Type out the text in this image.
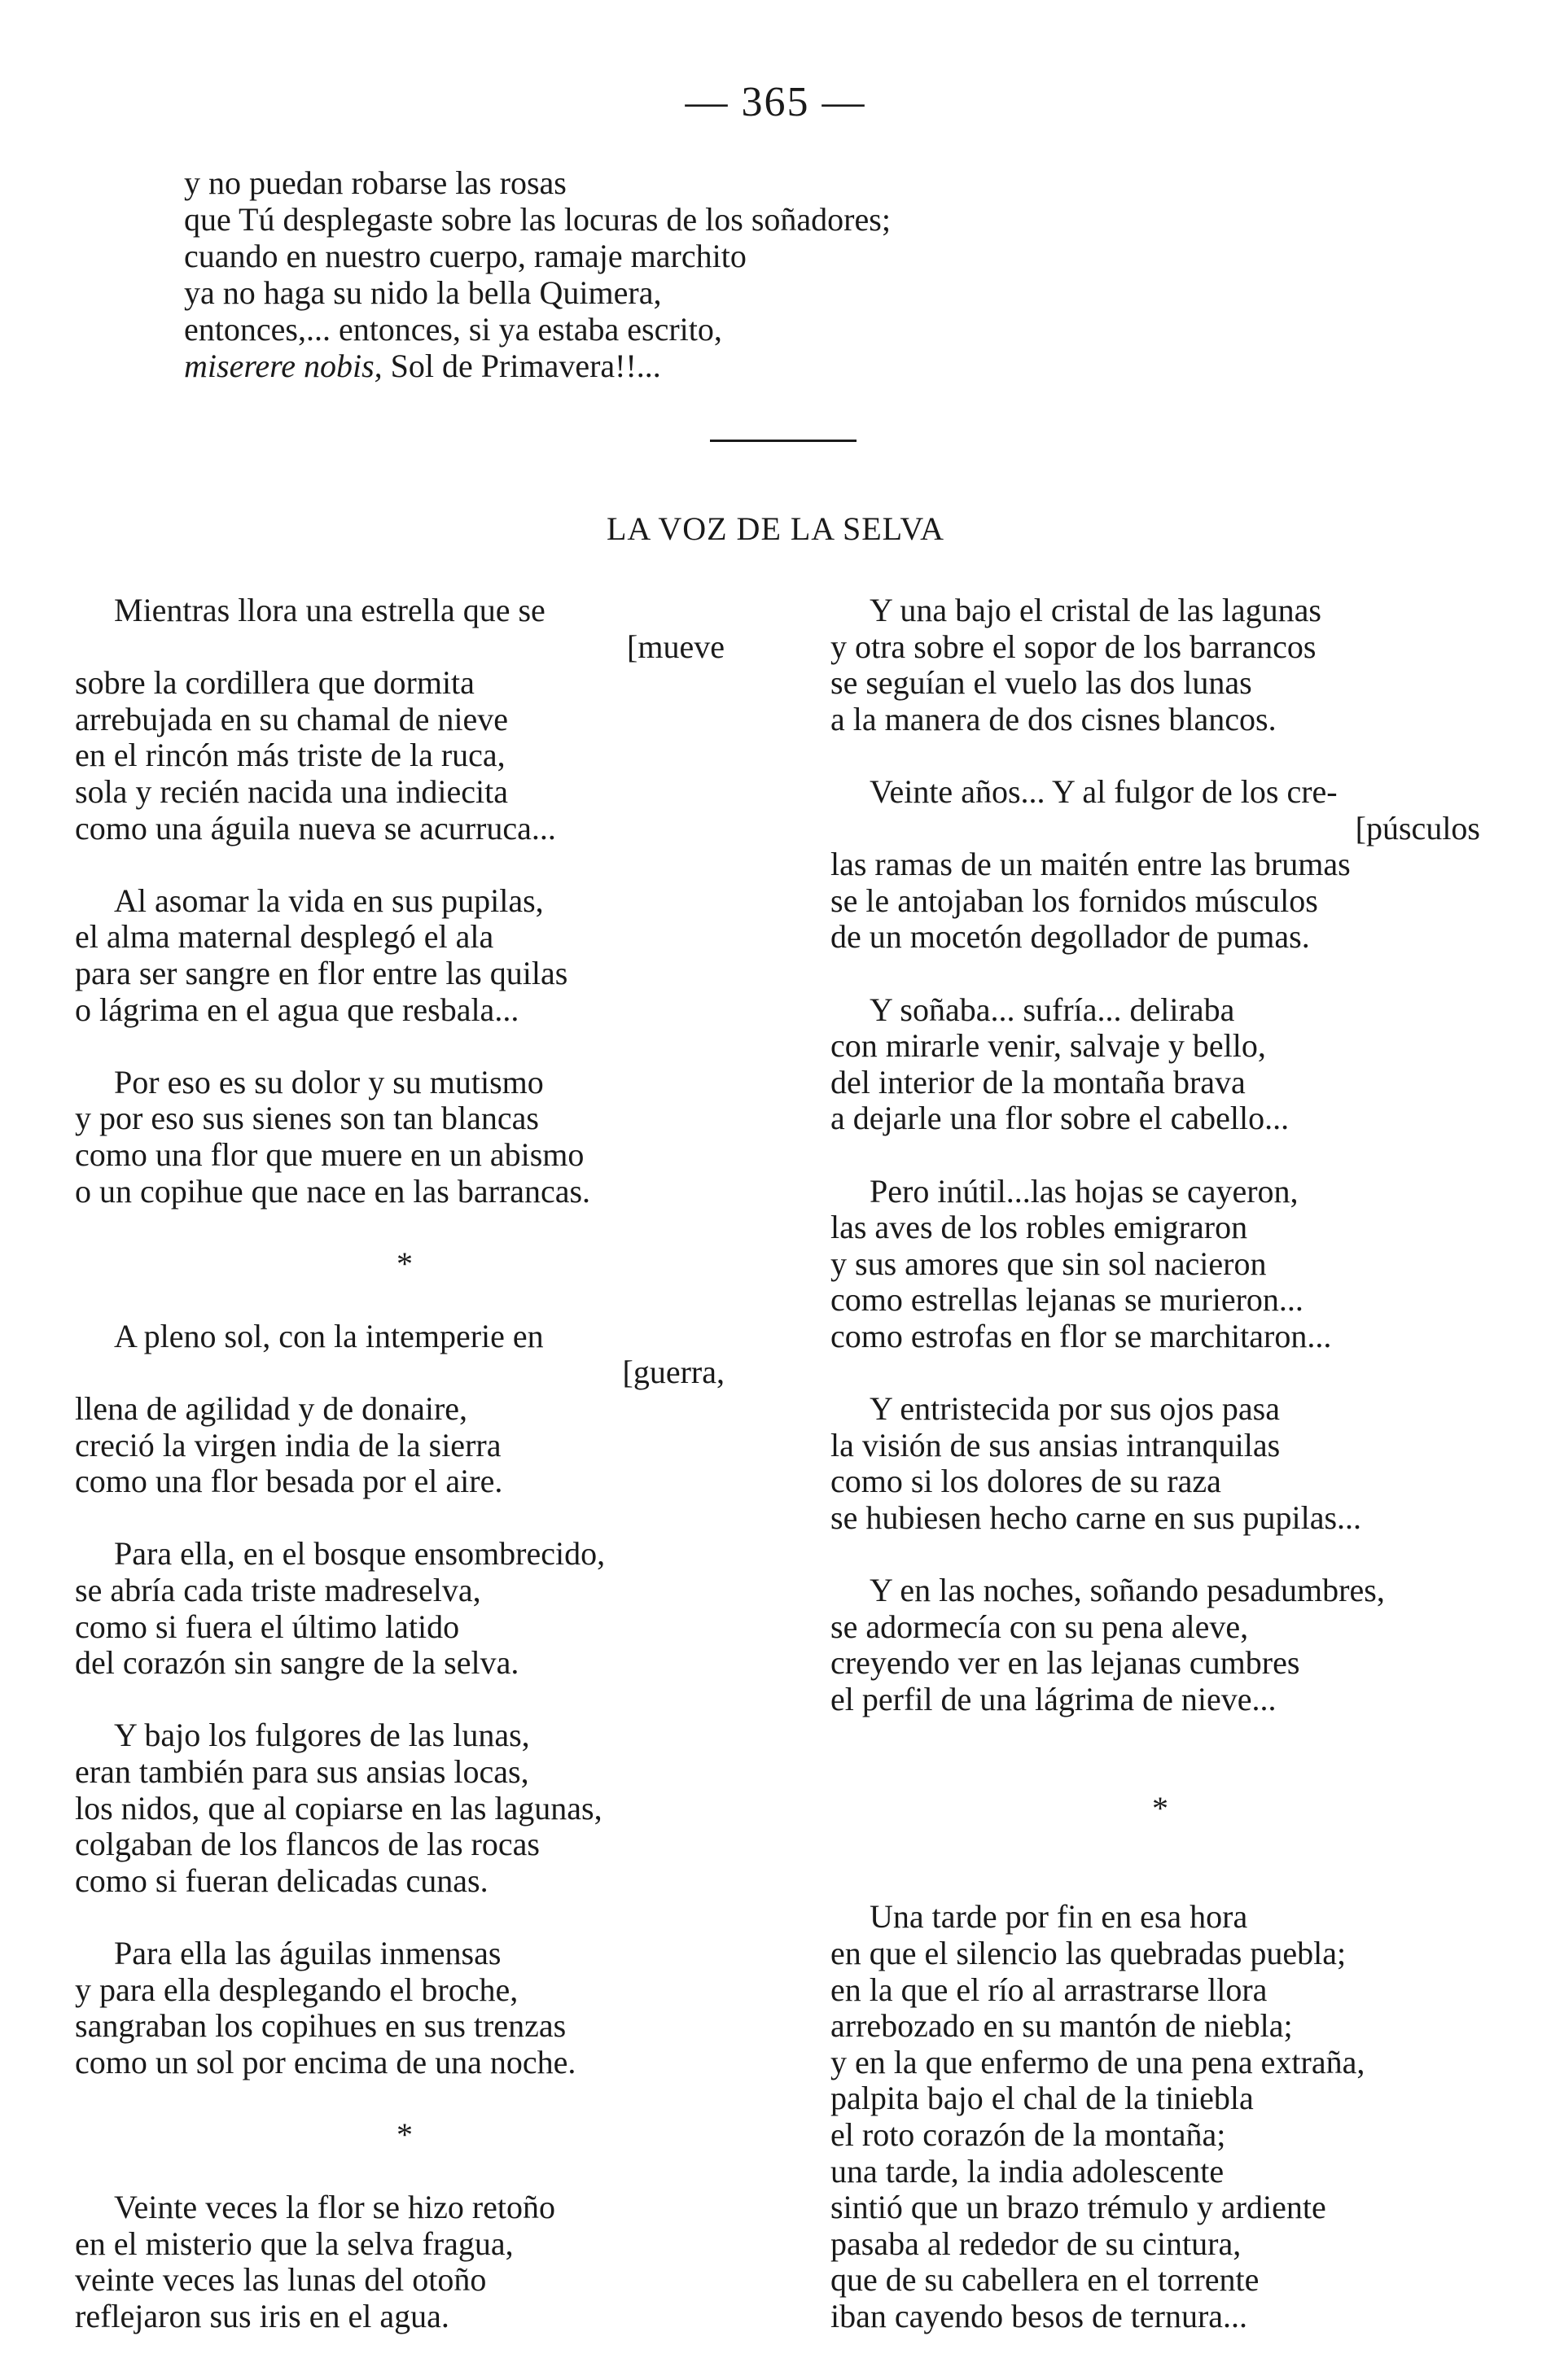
— 365 —
y no puedan robarse las rosas
que Tú desplegaste sobre las locuras de los soñadores;
cuando en nuestro cuerpo, ramaje marchito
ya no haga su nido la bella Quimera,
entonces,... entonces, si ya estaba escrito,
miserere nobis, Sol de Primavera!!...
LA VOZ DE LA SELVA
Mientras llora una estrella que se
[mueve
sobre la cordillera que dormita
arrebujada en su chamal de nieve
en el rincón más triste de la ruca,
sola y recién nacida una indiecita
como una águila nueva se acurruca...
Al asomar la vida en sus pupilas,
el alma maternal desplegó el ala
para ser sangre en flor entre las quilas
o lágrima en el agua que resbala...
Por eso es su dolor y su mutismo
y por eso sus sienes son tan blancas
como una flor que muere en un abismo
o un copihue que nace en las barrancas.
*
A pleno sol, con la intemperie en
[guerra,
llena de agilidad y de donaire,
creció la virgen india de la sierra
como una flor besada por el aire.
Para ella, en el bosque ensombrecido,
se abría cada triste madreselva,
como si fuera el último latido
del corazón sin sangre de la selva.
Y bajo los fulgores de las lunas,
eran también para sus ansias locas,
los nidos, que al copiarse en las lagunas,
colgaban de los flancos de las rocas
como si fueran delicadas cunas.
Para ella las águilas inmensas
y para ella desplegando el broche,
sangraban los copihues en sus trenzas
como un sol por encima de una noche.
*
Veinte veces la flor se hizo retoño
en el misterio que la selva fragua,
veinte veces las lunas del otoño
reflejaron sus iris en el agua.
Y una bajo el cristal de las lagunas
y otra sobre el sopor de los barrancos
se seguían el vuelo las dos lunas
a la manera de dos cisnes blancos.
Veinte años... Y al fulgor de los cre-
[púsculos
las ramas de un maitén entre las brumas
se le antojaban los fornidos músculos
de un mocetón degollador de pumas.
Y soñaba... sufría... deliraba
con mirarle venir, salvaje y bello,
del interior de la montaña brava
a dejarle una flor sobre el cabello...
Pero inútil...las hojas se cayeron,
las aves de los robles emigraron
y sus amores que sin sol nacieron
como estrellas lejanas se murieron...
como estrofas en flor se marchitaron...
Y entristecida por sus ojos pasa
la visión de sus ansias intranquilas
como si los dolores de su raza
se hubiesen hecho carne en sus pupilas...
Y en las noches, soñando pesadumbres,
se adormecía con su pena aleve,
creyendo ver en las lejanas cumbres
el perfil de una lágrima de nieve...
*
Una tarde por fin en esa hora
en que el silencio las quebradas puebla;
en la que el río al arrastrarse llora
arrebozado en su mantón de niebla;
y en la que enfermo de una pena extraña,
palpita bajo el chal de la tiniebla
el roto corazón de la montaña;
una tarde, la india adolescente
sintió que un brazo trémulo y ardiente
pasaba al rededor de su cintura,
que de su cabellera en el torrente
iban cayendo besos de ternura...
